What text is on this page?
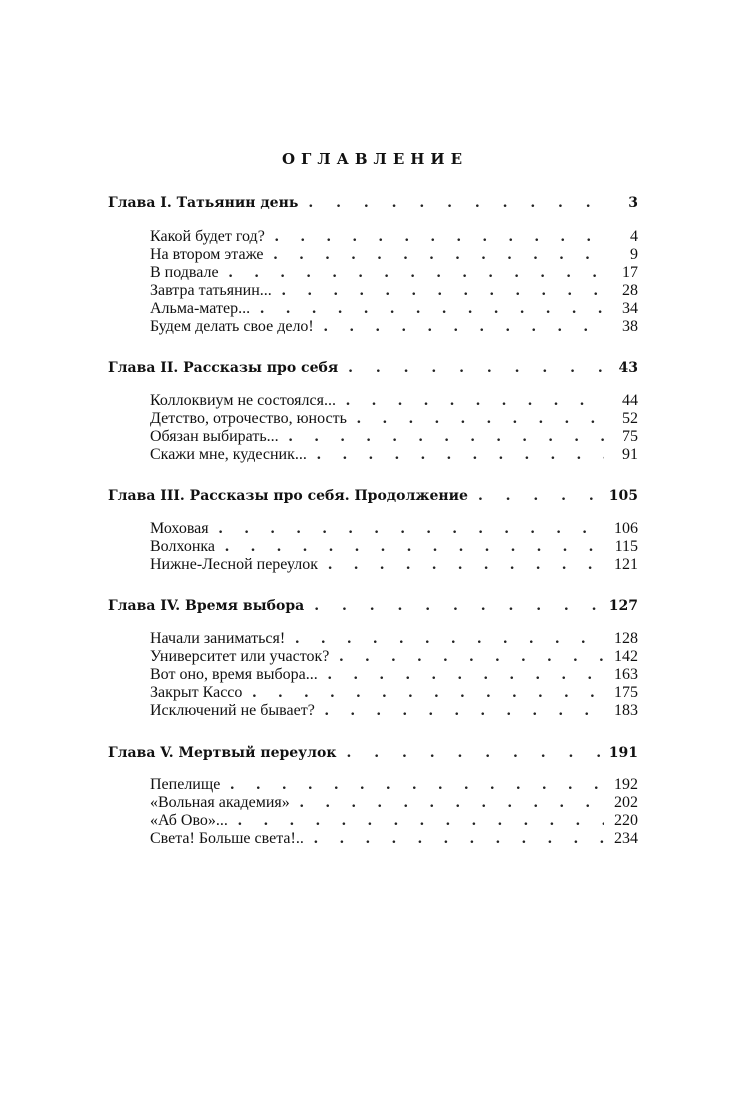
ОГЛАВЛЕНИЕ
Глава I. Татьянин день . . .	3
Какой будет год? . . .	4
На втором этаже . . .	9
В подвале . . .	17
Завтра татьянин... . . .	28
Альма-матер... . . .	34
Будем делать свое дело! . . .	38
Глава II. Рассказы про себя . . .	43
Коллоквиум не состоялся... . . .	44
Детство, отрочество, юность . . .	52
Обязан выбирать... . . .	75
Скажи мне, кудесник... . . .	91
Глава III. Рассказы про себя. Продолжение . . .	105
Моховая . . .	106
Волхонка . . .	115
Нижне-Лесной переулок . . .	121
Глава IV. Время выбора . . .	127
Начали заниматься! . . .	128
Университет или участок? . . .	142
Вот оно, время выбора... . . .	163
Закрыт Кассо . . .	175
Исключений не бывает? . . .	183
Глава V. Мертвый переулок . . .	191
Пепелище . . .	192
«Вольная академия» . . .	202
«Аб Ово»... . . .	220
Света! Больше света!.. . . .	234
